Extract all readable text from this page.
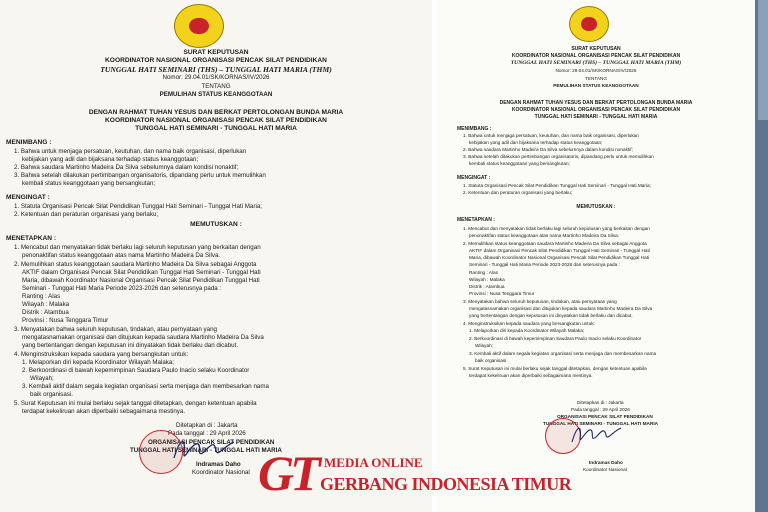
SURAT KEPUTUSAN
KOORDINATOR NASIONAL ORGANISASI PENCAK SILAT PENDIDIKAN
TUNGGAL HATI SEMINARI (THS) – TUNGGAL HATI MARIA (THM)
Nomor: 29.04.01/SK/KORNAS/IV/2026
TENTANG
PEMULIHAN STATUS KEANGGOTAAN
DENGAN RAHMAT TUHAN YESUS DAN BERKAT PERTOLONGAN BUNDA MARIA
KOORDINATOR NASIONAL ORGANISASI PENCAK SILAT PENDIDIKAN
TUNGGAL HATI SEMINARI - TUNGGAL HATI MARIA
MENIMBANG :
1. Bahwa untuk menjaga persatuan, keutuhan, dan nama baik organisasi, diperlukan
kebijakan yang adil dan bijaksana terhadap status keanggotaan;
2. Bahwa saudara Martinho Madeira Da Silva sebelumnya dalam kondisi nonaktif;
3. Bahwa setelah dilakukan pertimbangan organisatoris, dipandang perlu untuk memulihkan
kembali status keanggotaan yang bersangkutan;
MENGINGAT :
1. Statuta Organisasi Pencak Silat Pendidikan Tunggal Hati Seminari - Tunggal Hati Maria;
2. Ketentuan dan peraturan organisasi yang berlaku;
MEMUTUSKAN :
MENETAPKAN :
1. Mencabut dan menyatakan tidak berlaku lagi seluruh keputusan yang berkaitan dengan
penonaktifan status keanggotaan atas nama Martinho Madeira Da Silva.
2. Memulihkan status keanggotaan saudara Martinho Madeira Da Silva sebagai Anggota
AKTIF dalam Organisasi Pencak Silat Pendidikan Tunggal Hati Seminari - Tunggal Hati
Maria, dibawah Koordinator Nasional Organisasi Pencak Silat Pendidikan Tunggal Hati
Seminari - Tunggal Hati Maria Periode 2023-2026 dan seterusnya pada :
Ranting : Alas
Wilayah : Malaka
Distrik : Atambua
Provinsi : Nusa Tenggara Timur
3. Menyatakan bahwa seluruh keputusan, tindakan, atau pernyataan yang
mengatasnamakan organisasi dan ditujukan kepada saudara Martinho Madeira Da Silva
yang bertentangan dengan keputusan ini dinyatakan tidak berlaku dan dicabut.
4. Menginstruksikan kepada saudara yang bersangkutan untuk:
1. Melaporkan diri kepada Koordinator Wilayah Malaka;
2. Berkoordinasi di bawah kepemimpinan Saudara Paulo Inacio selaku Koordinator
Wilayah;
3. Kembali aktif dalam segala kegiatan organisasi serta menjaga dan membesarkan nama
baik organisasi.
5. Surat Keputusan ini mulai berlaku sejak tanggal ditetapkan, dengan ketentuan apabila
terdapat kekeliruan akan diperbaiki sebagaimana mestinya.
Ditetapkan di : Jakarta
Pada tanggal : 29 April 2026
ORGANISASI PENCAK SILAT PENDIDIKAN
TUNGGAL HATI SEMINARI - TUNGGAL HATI MARIA
Indramas Daho
Koordinator Nasional
SURAT KEPUTUSAN
KOORDINATOR NASIONAL ORGANISASI PENCAK SILAT PENDIDIKAN
TUNGGAL HATI SEMINARI (THS) – TUNGGAL HATI MARIA (THM)
Nomor: 29.04.01/SK/KORNAS/IV/2026
TENTANG
PEMULIHAN STATUS KEANGGOTAAN
DENGAN RAHMAT TUHAN YESUS DAN BERKAT PERTOLONGAN BUNDA MARIA
KOORDINATOR NASIONAL ORGANISASI PENCAK SILAT PENDIDIKAN
TUNGGAL HATI SEMINARI - TUNGGAL HATI MARIA
MENIMBANG :
1. Bahwa untuk menjaga persatuan, keutuhan, dan nama baik organisasi, diperlukan
kebijakan yang adil dan bijaksana terhadap status keanggotaan;
2. Bahwa saudara Martinho Madeira Da Silva sebelumnya dalam kondisi nonaktif;
3. Bahwa setelah dilakukan pertimbangan organisatoris, dipandang perlu untuk memulihkan
kembali status keanggotaan yang bersangkutan;
MENGINGAT :
1. Statuta Organisasi Pencak Silat Pendidikan Tunggal Hati Seminari - Tunggal Hati Maria;
2. Ketentuan dan peraturan organisasi yang berlaku;
MEMUTUSKAN :
MENETAPKAN :
1. Mencabut dan menyatakan tidak berlaku lagi seluruh keputusan yang berkaitan dengan
penonaktifan status keanggotaan atas nama Martinho Madeira Da Silva.
2. Memulihkan status keanggotaan saudara Martinho Madeira Da Silva sebagai Anggota
AKTIF dalam Organisasi Pencak Silat Pendidikan Tunggal Hati Seminari - Tunggal Hati
Maria, dibawah Koordinator Nasional Organisasi Pencak Silat Pendidikan Tunggal Hati
Seminari - Tunggal Hati Maria Periode 2023-2026 dan seterusnya pada :
Ranting : Alas
Wilayah : Malaka
Distrik : Atambua
Provinsi : Nusa Tenggara Timur
3. Menyatakan bahwa seluruh keputusan, tindakan, atau pernyataan yang
mengatasnamakan organisasi dan ditujukan kepada saudara Martinho Madeira Da Silva
yang bertentangan dengan keputusan ini dinyatakan tidak berlaku dan dicabut.
4. Menginstruksikan kepada saudara yang bersangkutan untuk:
1. Melaporkan diri kepada Koordinator Wilayah Malaka;
2. Berkoordinasi di bawah kepemimpinan Saudara Paulo Inacio selaku Koordinator
Wilayah;
3. Kembali aktif dalam segala kegiatan organisasi serta menjaga dan membesarkan nama
baik organisasi.
5. Surat Keputusan ini mulai berlaku sejak tanggal ditetapkan, dengan ketentuan apabila
terdapat kekeliruan akan diperbaiki sebagaimana mestinya.
Ditetapkan di : Jakarta
Pada tanggal : 29 April 2026
ORGANISASI PENCAK SILAT PENDIDIKAN
TUNGGAL HATI SEMINARI - TUNGGAL HATI MARIA
Indramas Daho
Koordinator Nasional
GT MEDIA ONLINE
GERBANG INDONESIA TIMUR
